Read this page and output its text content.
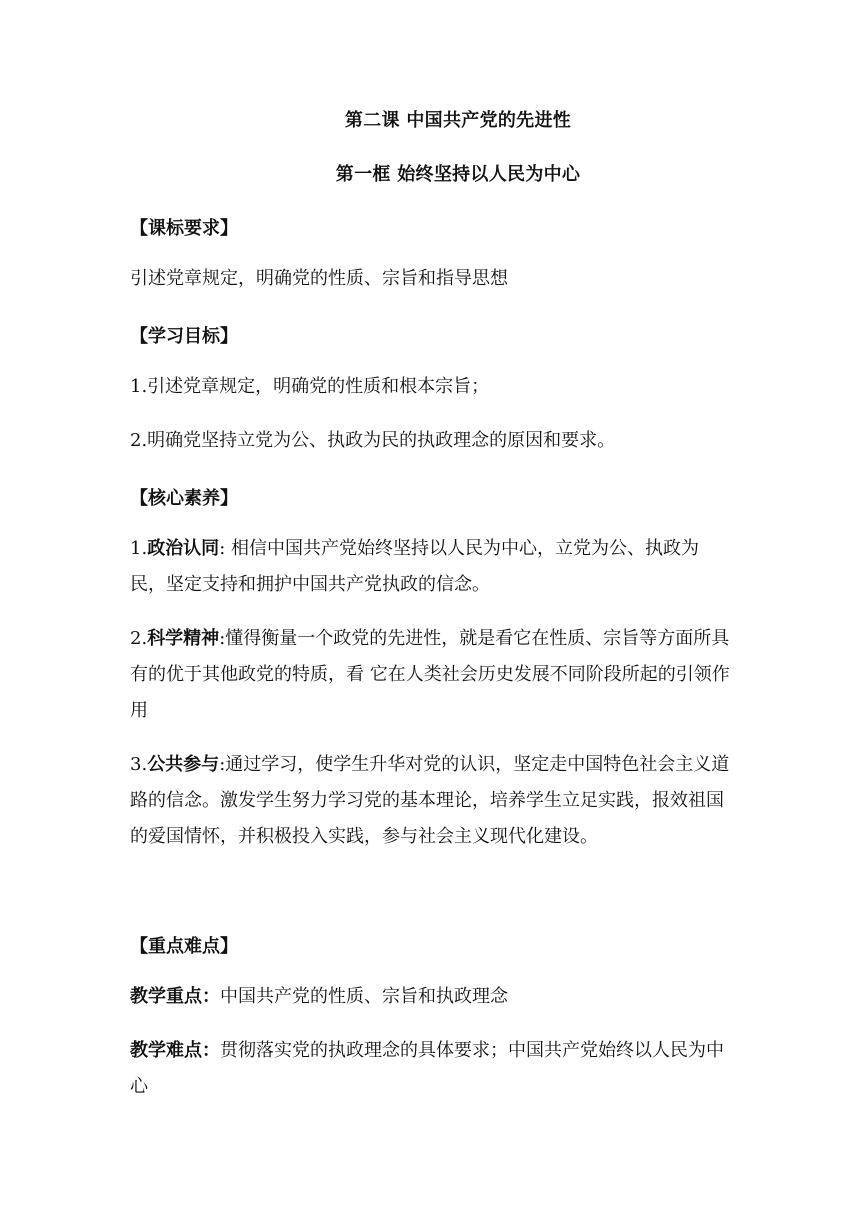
第二课 中国共产党的先进性
第一框 始终坚持以人民为中心
【课标要求】

引述党章规定，明确党的性质、宗旨和指导思想

【学习目标】

1.引述党章规定，明确党的性质和根本宗旨；

2.明确党坚持立党为公、执政为民的执政理念的原因和要求。

【核心素养】

1.政治认同: 相信中国共产党始终坚持以人民为中心，立党为公、执政为民，坚定支持和拥护中国共产党执政的信念。

2.科学精神:懂得衡量一个政党的先进性，就是看它在性质、宗旨等方面所具有的优于其他政党的特质，看 它在人类社会历史发展不同阶段所起的引领作用

3.公共参与:通过学习，使学生升华对党的认识，坚定走中国特色社会主义道路的信念。激发学生努力学习党的基本理论，培养学生立足实践，报效祖国的爱国情怀，并积极投入实践，参与社会主义现代化建设。

【重点难点】

教学重点：中国共产党的性质、宗旨和执政理念

教学难点：贯彻落实党的执政理念的具体要求；中国共产党始终以人民为中心
